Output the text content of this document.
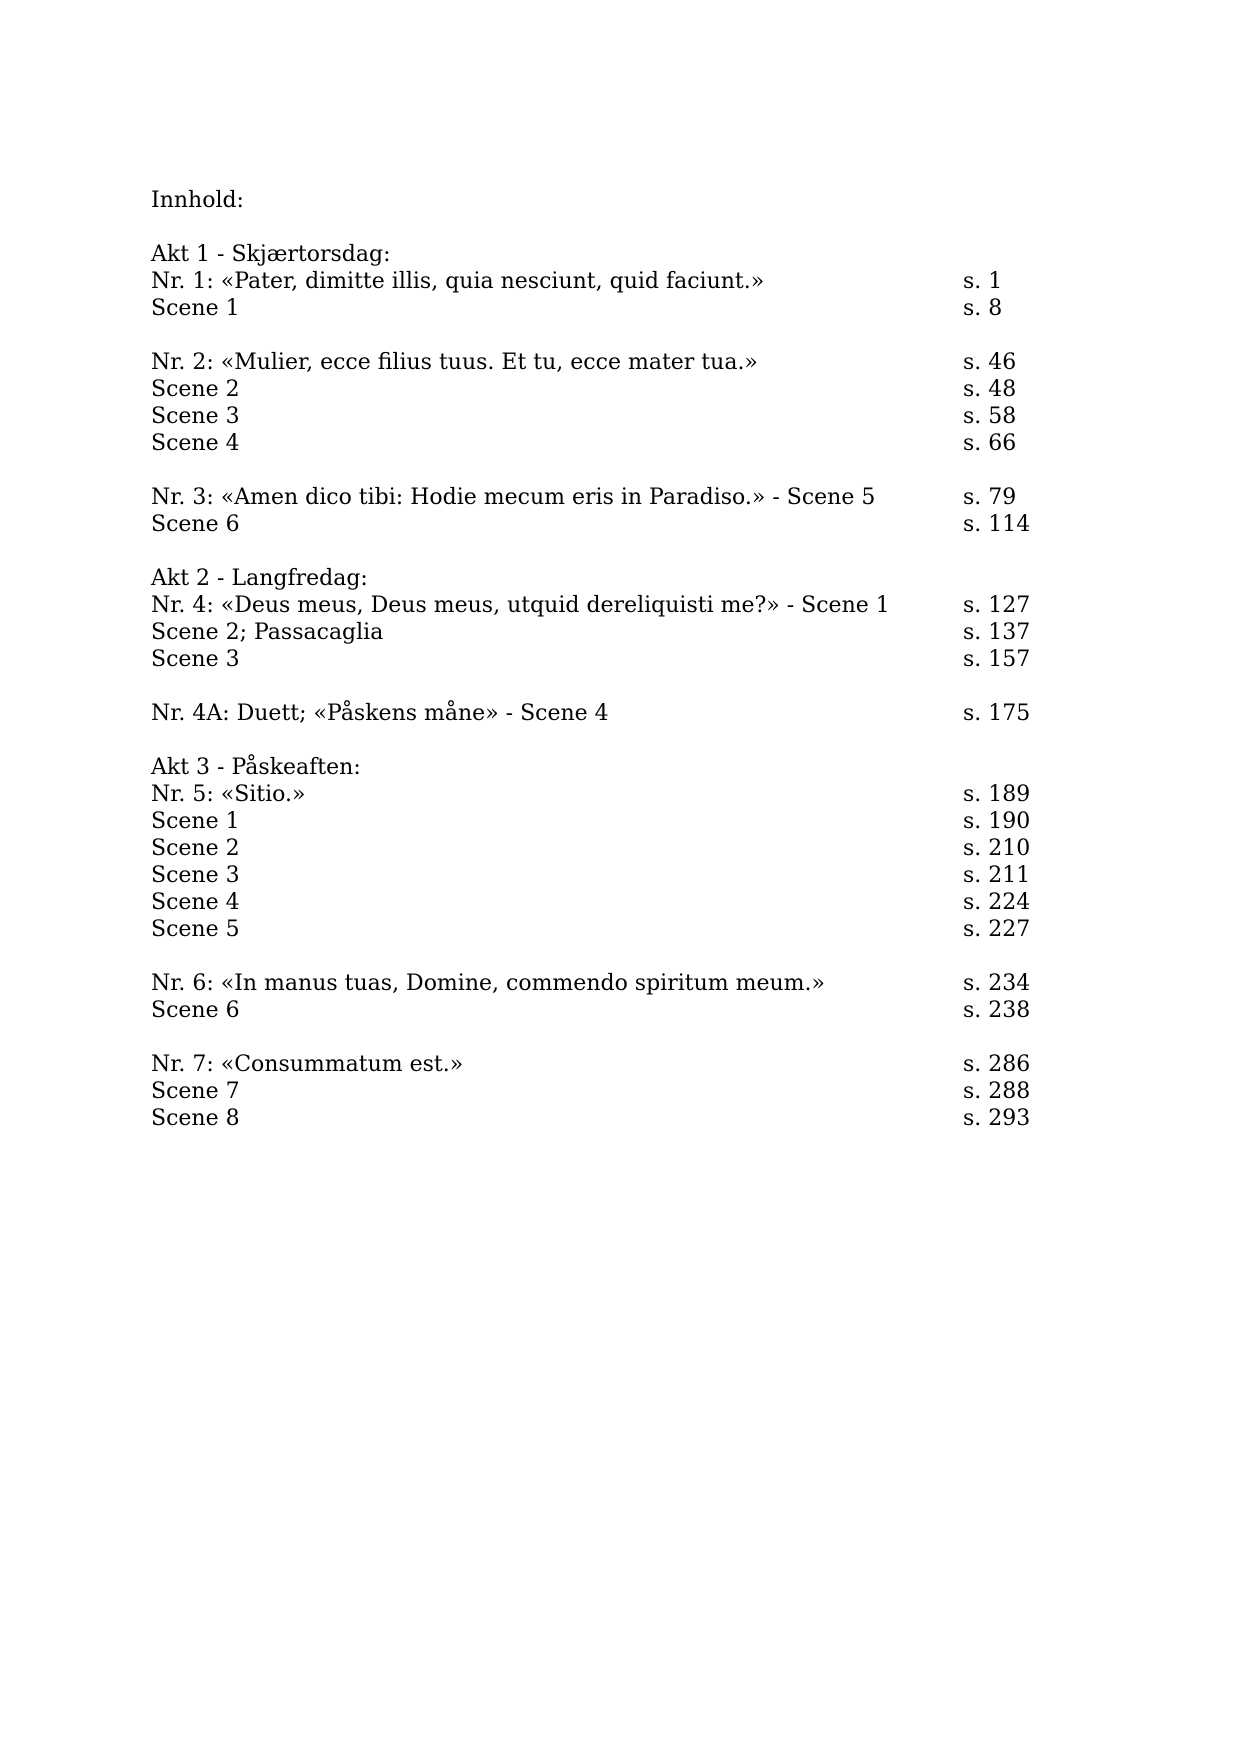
Innhold:
Akt 1 - Skjærtorsdag:
Nr. 1: «Pater, dimitte illis, quia nesciunt, quid faciunt.»	s. 1
Scene 1	s. 8
Nr. 2: «Mulier, ecce filius tuus. Et tu, ecce mater tua.»	s. 46
Scene 2	s. 48
Scene 3	s. 58
Scene 4	s. 66
Nr. 3: «Amen dico tibi: Hodie mecum eris in Paradiso.» - Scene 5	s. 79
Scene 6	s. 114
Akt 2 - Langfredag:
Nr. 4: «Deus meus, Deus meus, utquid dereliquisti me?» - Scene 1	s. 127
Scene 2; Passacaglia	s. 137
Scene 3	s. 157
Nr. 4A: Duett; «Påskens måne» - Scene 4	s. 175
Akt 3 - Påskeaften:
Nr. 5: «Sitio.»	s. 189
Scene 1	s. 190
Scene 2	s. 210
Scene 3	s. 211
Scene 4	s. 224
Scene 5	s. 227
Nr. 6: «In manus tuas, Domine, commendo spiritum meum.»	s. 234
Scene 6	s. 238
Nr. 7: «Consummatum est.»	s. 286
Scene 7	s. 288
Scene 8	s. 293
